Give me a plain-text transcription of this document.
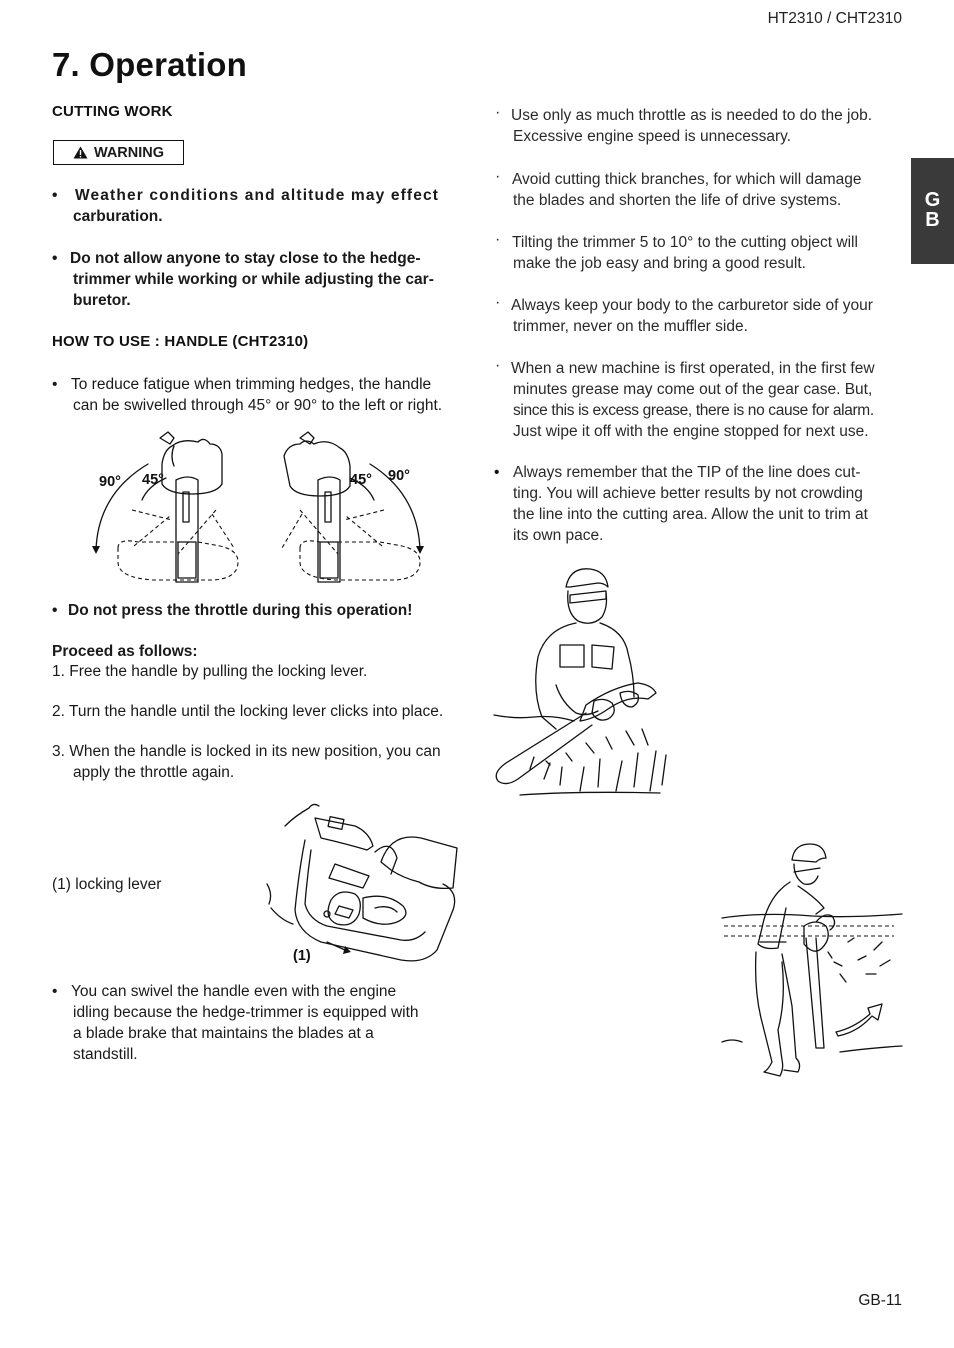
HT2310 / CHT2310
7. Operation
G
B
CUTTING WORK
WARNING
• Weather conditions and altitude may effect
carburation.
• Do not allow anyone to stay close to the hedge-
trimmer while working or while adjusting the car-
buretor.
HOW TO USE : HANDLE (CHT2310)
• To reduce fatigue when trimming hedges, the handle
can be swivelled through 45° or 90° to the left or right.
90° 45°	45° 90°
• Do not press the throttle during this operation!
Proceed as follows:
1. Free the handle by pulling the locking lever.
2. Turn the handle until the locking lever clicks into place.
3. When the handle is locked in its new position, you can
apply the throttle again.
(1) locking lever
(1)
• You can swivel the handle even with the engine
idling because the hedge-trimmer is equipped with
a blade brake that maintains the blades at a
standstill.
· Use only as much throttle as is needed to do the job.
Excessive engine speed is unnecessary.
· Avoid cutting thick branches, for which will damage
the blades and shorten the life of drive systems.
· Tilting the trimmer 5 to 10° to the cutting object will
make the job easy and bring a good result.
· Always keep your body to the carburetor side of your
trimmer, never on the muffler side.
· When a new machine is first operated, in the first few
minutes grease may come out of the gear case. But,
since this is excess grease, there is no cause for alarm.
Just wipe it off with the engine stopped for next use.
• Always remember that the TIP of the line does cut-
ting. You will achieve better results by not crowding
the line into the cutting area. Allow the unit to trim at
its own pace.
GB-11
